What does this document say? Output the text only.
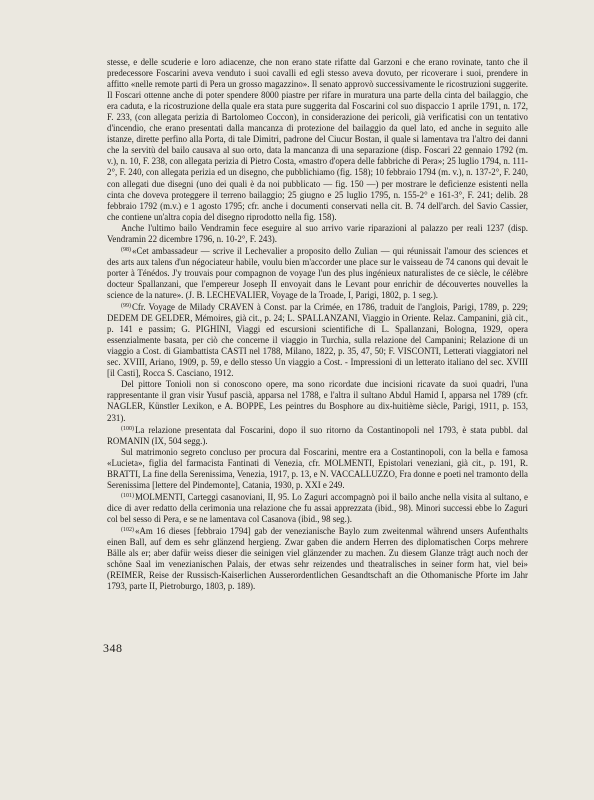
stesse, e delle scuderie e loro adiacenze, che non erano state rifatte dal Garzoni e che erano rovinate, tanto che il predecessore Foscarini aveva venduto i suoi cavalli ed egli stesso aveva dovuto, per ricoverare i suoi, prendere in affitto «nelle remote parti di Pera un grosso magazzino». Il senato approvò successivamente le ricostruzioni suggerite. Il Foscari ottenne anche di poter spendere 8000 piastre per rifare in muratura una parte della cinta del bailaggio, che era caduta, e la ricostruzione della quale era stata pure suggerita dal Foscarini col suo dispaccio 1 aprile 1791, n. 172, F. 233, (con allegata perizia di Bartolomeo Coccon), in considerazione dei pericoli, già verificatisi con un tentativo d'incendio, che erano presentati dalla mancanza di protezione del bailaggio da quel lato, ed anche in seguito alle istanze, dirette perfino alla Porta, di tale Dimitri, padrone del Ciucur Bostan, il quale si lamentava tra l'altro dei danni che la servitù del bailo causava al suo orto, data la mancanza di una separazione (disp. Foscari 22 gennaio 1792 (m. v.), n. 10, F. 238, con allegata perizia di Pietro Costa, «mastro d'opera delle fabbriche di Pera»; 25 luglio 1794, n. 111-2°, F. 240, con allegata perizia ed un disegno, che pubblichiamo (fig. 158); 10 febbraio 1794 (m. v.), n. 137-2°, F. 240, con allegati due disegni (uno dei quali è da noi pubblicato — fig. 150 —) per mostrare le deficienze esistenti nella cinta che doveva proteggere il terreno bailaggio; 25 giugno e 25 luglio 1795, n. 155-2° e 161-3°, F. 241; delib. 28 febbraio 1792 (m.v.) e 1 agosto 1795; cfr. anche i documenti conservati nella cit. B. 74 dell'arch. del Savio Cassier, che contiene un'altra copia del disegno riprodotto nella fig. 158).

Anche l'ultimo bailo Vendramin fece eseguire al suo arrivo varie riparazioni al palazzo per reali 1237 (disp. Vendramin 22 dicembre 1796, n. 10-2°, F. 243).

$^{(98)}$«Cet ambassadeur — scrive il Lechevalier a proposito dello Zulian — qui réunissait l'amour des sciences et des arts aux talens d'un négociateur habile, voulu bien m'accorder une place sur le vaisseau de 74 canons qui devait le porter à Ténédos. J'y trouvais pour compagnon de voyage l'un des plus ingénieux naturalistes de ce siècle, le célèbre docteur Spallanzani, que l'empereur Joseph II envoyait dans le Levant pour enrichir de découvertes nouvelles la science de la nature». (J. B. LECHEVALIER, Voyage de la Troade, I, Parigi, 1802, p. 1 seg.).

$^{(99)}$Cfr. Voyage de Milady CRAVEN à Const. par la Crimée, en 1786, traduit de l'anglois, Parigi, 1789, p. 229; DEDEM DE GELDER, Mémoires, già cit., p. 24; L. SPALLANZANI, Viaggio in Oriente. Relaz. Campanini, già cit., p. 141 e passim; G. PIGHINI, Viaggi ed escursioni scientifiche di L. Spallanzani, Bologna, 1929, opera essenzialmente basata, per ciò che concerne il viaggio in Turchia, sulla relazione del Campanini; Relazione di un viaggio a Cost. di Giambattista CASTI nel 1788, Milano, 1822, p. 35, 47, 50; F. VISCONTI, Letterati viaggiatori nel sec. XVIII, Ariano, 1909, p. 59, e dello stesso Un viaggio a Cost. - Impressioni di un letterato italiano del sec. XVIII [il Casti], Rocca S. Casciano, 1912.

Del pittore Tonioli non si conoscono opere, ma sono ricordate due incisioni ricavate da suoi quadri, l'una rappresentante il gran visir Yusuf pascià, apparsa nel 1788, e l'altra il sultano Abdul Hamid I, apparsa nel 1789 (cfr. NAGLER, Künstler Lexikon, e A. BOPPE, Les peintres du Bosphore au dix-huitième siècle, Parigi, 1911, p. 153, 231).

$^{(100)}$La relazione presentata dal Foscarini, dopo il suo ritorno da Costantinopoli nel 1793, è stata pubbl. dal ROMANIN (IX, 504 segg.).

Sul matrimonio segreto concluso per procura dal Foscarini, mentre era a Costantinopoli, con la bella e famosa «Lucieta», figlia del farmacista Fantinati di Venezia, cfr. MOLMENTI, Epistolari veneziani, già cit., p. 191, R. BRATTI, La fine della Serenissima, Venezia, 1917, p. 13, e N. VACCALLUZZO, Fra donne e poeti nel tramonto della Serenissima [lettere del Pindemonte], Catania, 1930, p. XXI e 249.

$^{(101)}$MOLMENTI, Carteggi casanoviani, II, 95. Lo Zaguri accompagnò poi il bailo anche nella visita al sultano, e dice di aver redatto della cerimonia una relazione che fu assai apprezzata (ibid., 98). Minori successi ebbe lo Zaguri col bel sesso di Pera, e se ne lamentava col Casanova (ibid., 98 seg.).

$^{(102)}$«Am 16 dieses [febbraio 1794] gab der venezianische Baylo zum zweitenmal während unsers Aufenthalts einen Ball, auf dem es sehr glänzend hergieng. Zwar gaben die andern Herren des diplomatischen Corps mehrere Bälle als er; aber dafür weiss dieser die seinigen viel glänzender zu machen. Zu diesem Glanze trägt auch noch der schöne Saal im venezianischen Palais, der etwas sehr reizendes und theatralisches in seiner form hat, viel bei» (REIMER, Reise der Russisch-Kaiserlichen Ausserordentlichen Gesandtschaft an die Othomanische Pforte im Jahr 1793, parte II, Pietroburgo, 1803, p. 189).

348
